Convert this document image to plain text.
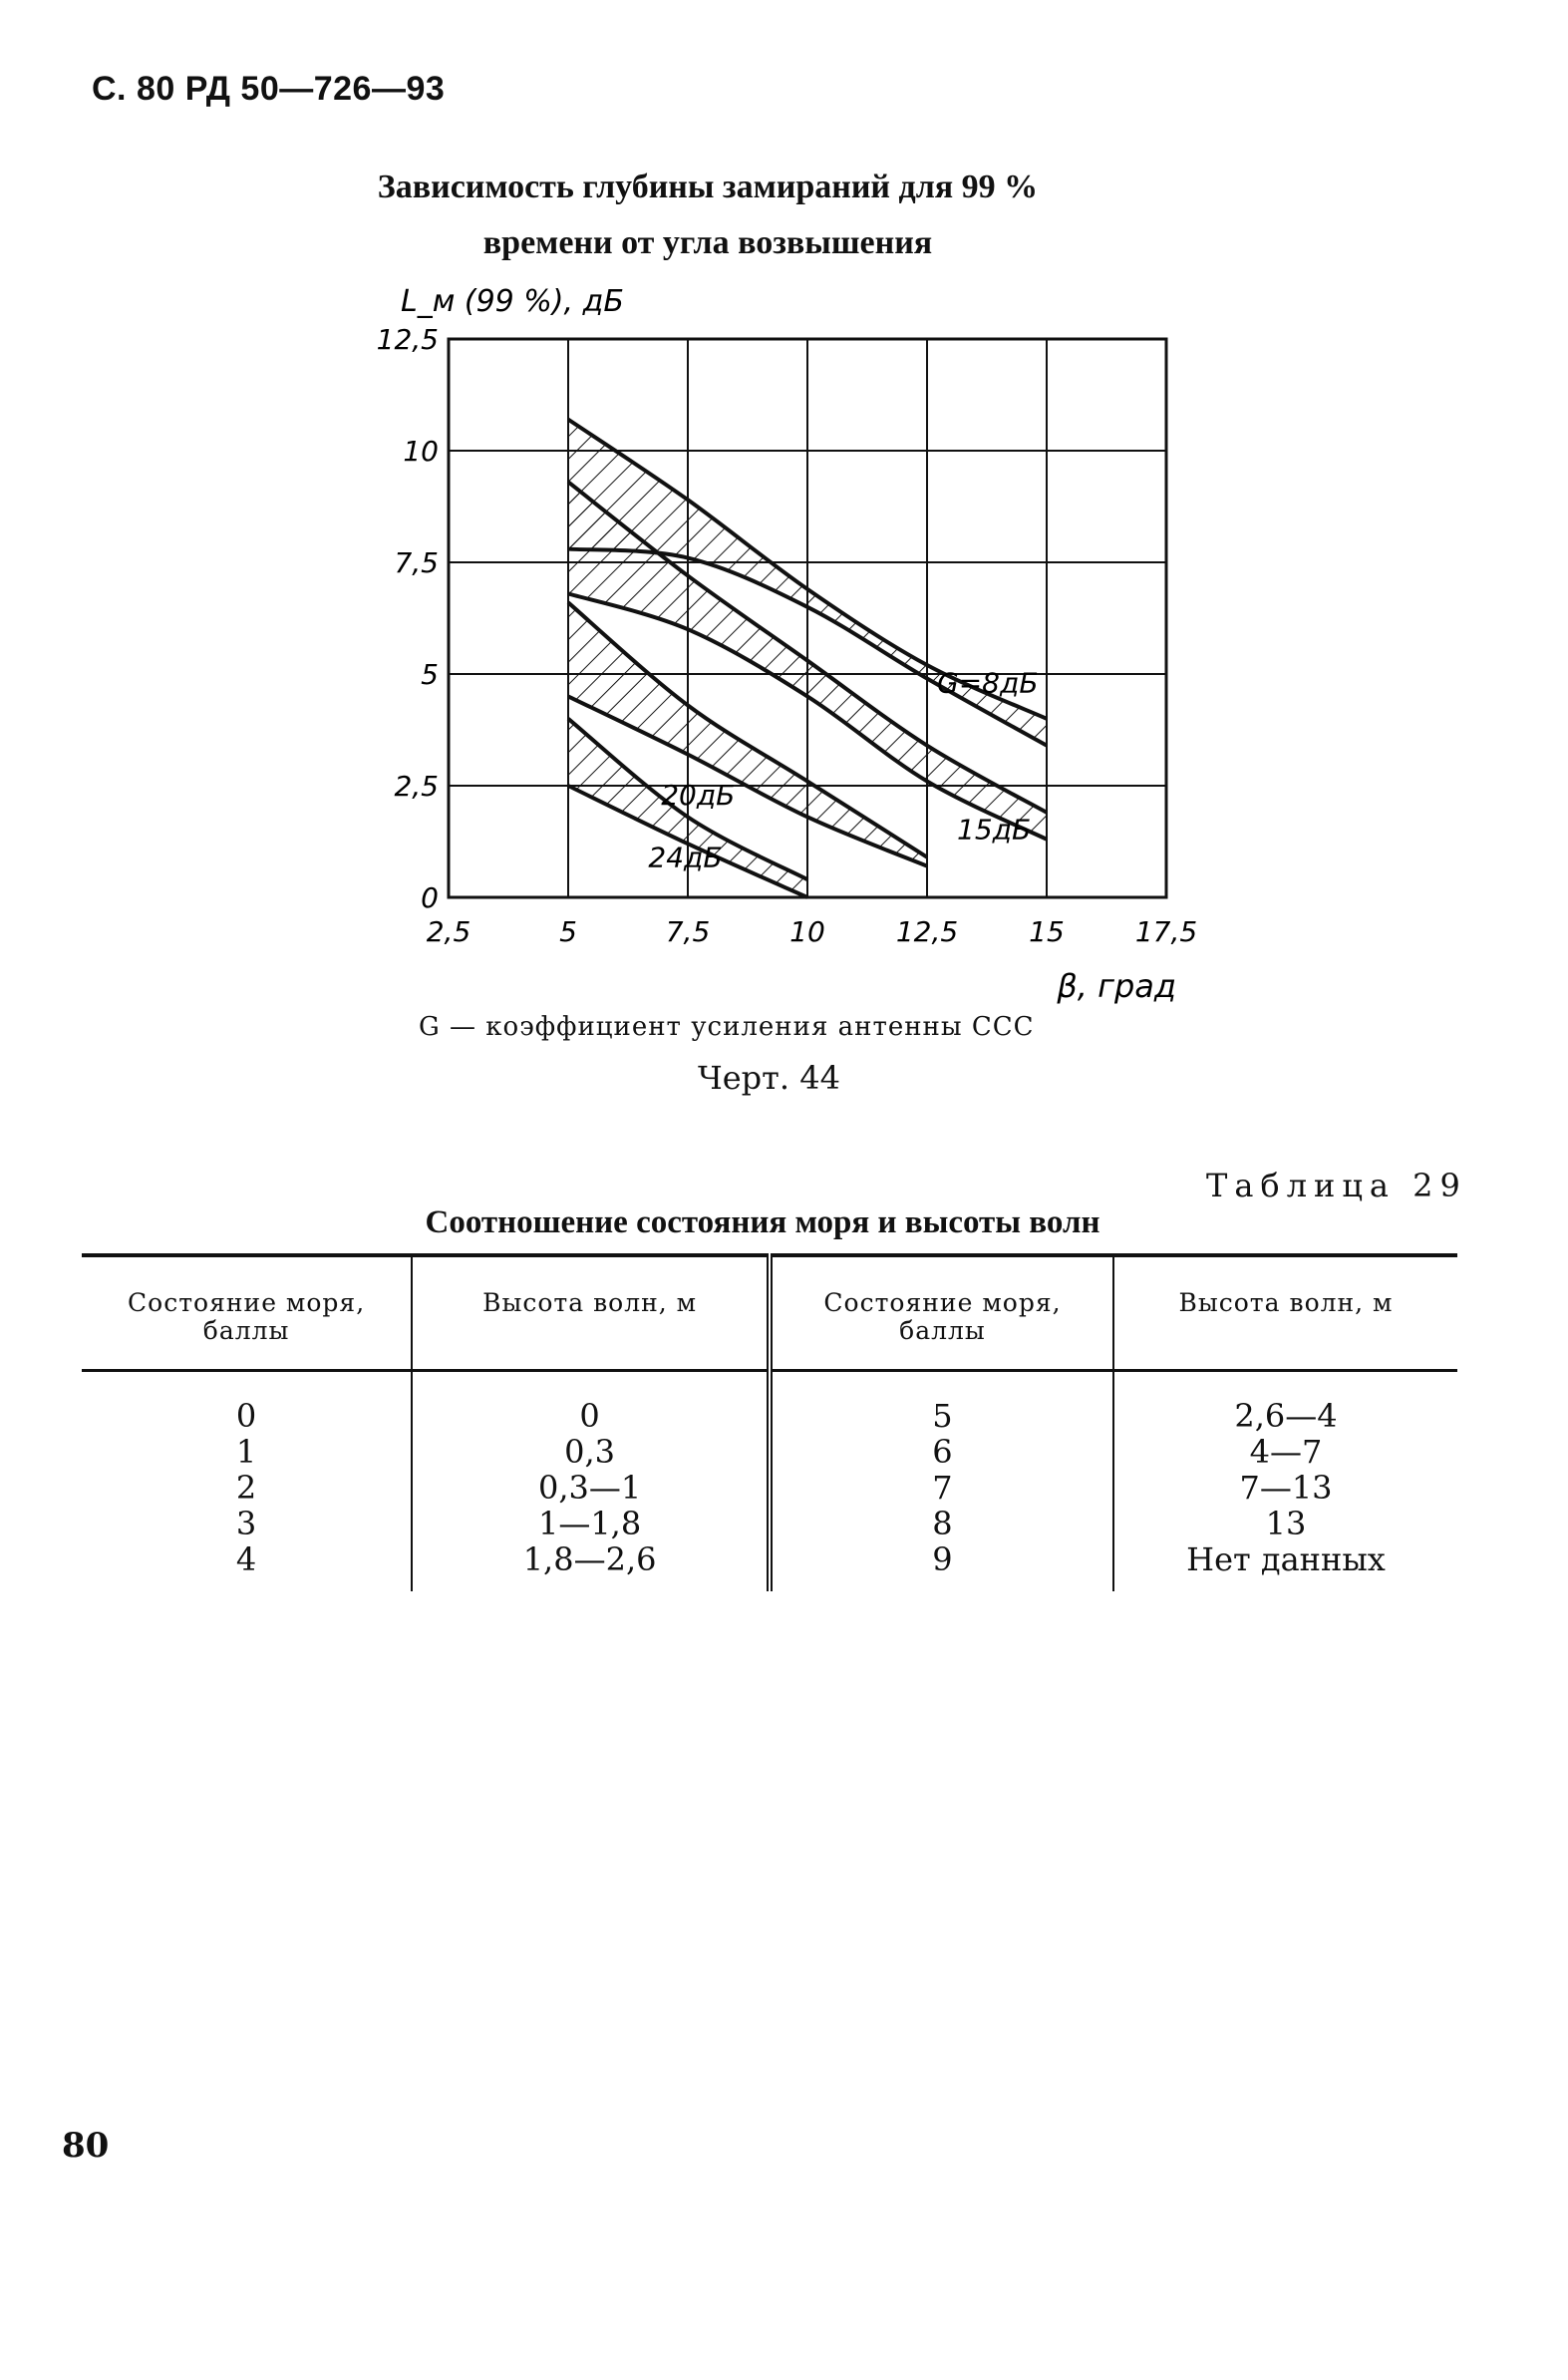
С. 80 РД 50—726—93
Зависимость глубины замираний для 99 %
времени от угла возвышения
2,5	5	7,5	10	12,5	15	17,5
0
2,5
5
7,5
10
12,5
L_м (99 %), дБ
β, град
G=8дБ
15дБ
20дБ
24дБ
G — коэффициент усиления антенны ССС
Черт. 44
Таблица 29
Соотношение состояния моря и высоты волн
Состояние моря, баллы	Высота волн, м	Состояние моря, баллы	Высота волн, м
0	0	5	2,6—4
1	0,3	6	4—7
2	0,3—1	7	7—13
3	1—1,8	8	13
4	1,8—2,6	9	Нет данных
80
